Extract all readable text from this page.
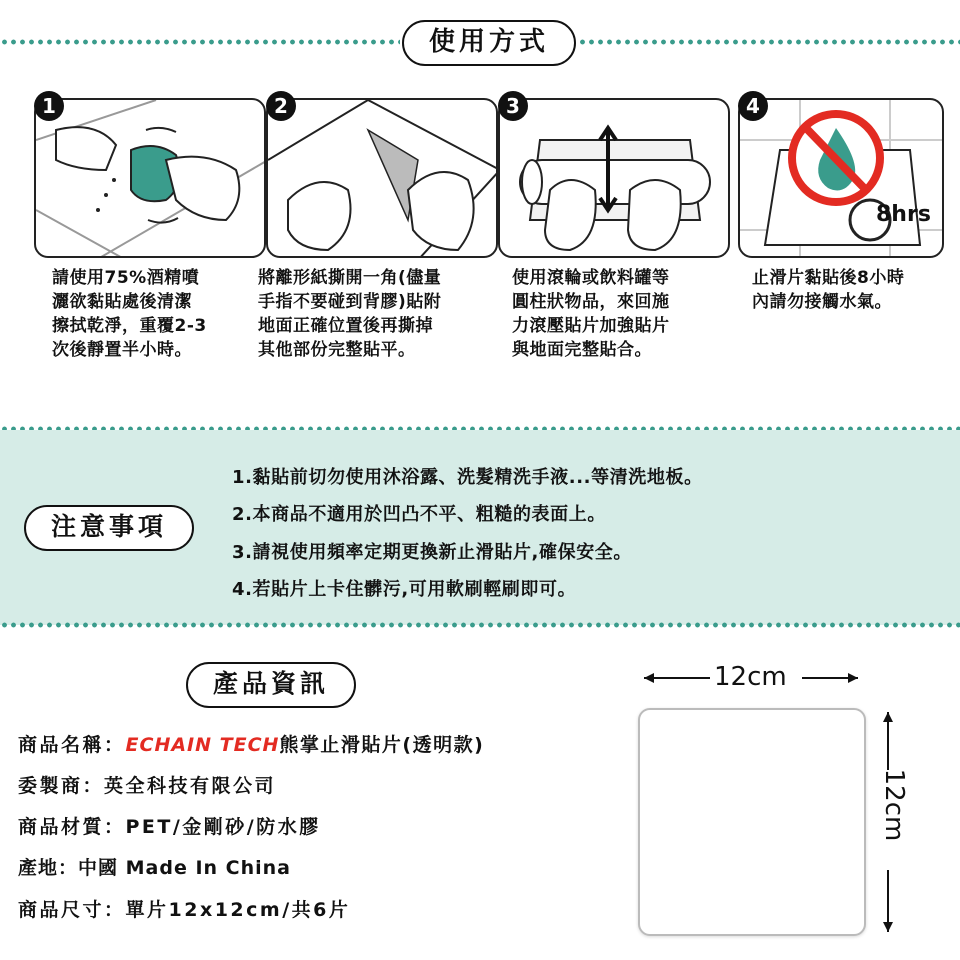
使用方式
1
請使用75%酒精噴
灑欲黏貼處後清潔
擦拭乾淨，重覆2-3
次後靜置半小時。
2
將離形紙撕開一角(儘量
手指不要碰到背膠)貼附
地面正確位置後再撕掉
其他部份完整貼平。
3
使用滾輪或飲料罐等
圓柱狀物品，來回施
力滾壓貼片加強貼片
與地面完整貼合。
8hrs
4
止滑片黏貼後8小時
內請勿接觸水氣。
注意事項
1.黏貼前切勿使用沐浴露、洗髮精洗手液...等清洗地板。
2.本商品不適用於凹凸不平、粗糙的表面上。
3.請視使用頻率定期更換新止滑貼片,確保安全。
4.若貼片上卡住髒污,可用軟刷輕刷即可。
產品資訊
商品名稱：ECHAIN TECH熊掌止滑貼片(透明款)
委製商：英全科技有限公司
商品材質：PET/金剛砂/防水膠
產地：中國 Made In China
商品尺寸：單片12x12cm/共6片
12cm
12cm
